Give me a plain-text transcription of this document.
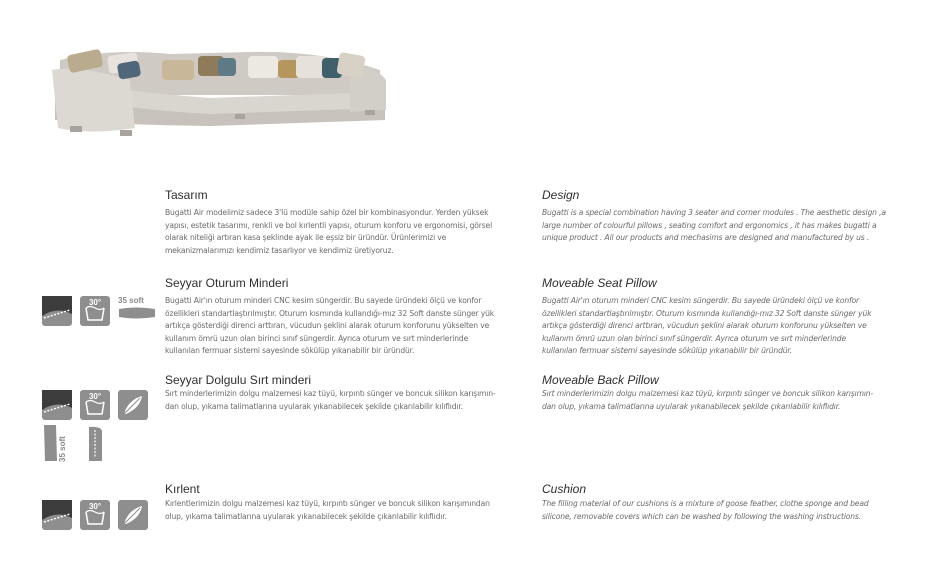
Tasarım
Bugatti Air modelimiz sadece 3'lü modüle sahip özel bir kombinasyondur. Yerden yüksek
yapısı, estetik tasarımı, renkli ve bol kırlentli yapısı, oturum konforu ve ergonomisi, görsel
olarak niteliği artıran kasa şeklinde ayak ile eşsiz bir üründür. Ürünlerimizi ve
mekanizmalarımızı kendimiz tasarlıyor ve kendimiz üretiyoruz.
Design
Bugatti is a special combination having 3 seater and corner modules . The aesthetic design ,a
large number of colourful pillows , seating comfort and ergonomics , it has makes bugatti a
unique product . All our products and mechasims are designed and manufactured by us .
Seyyar Oturum Minderi
Bugatti Air'ın oturum minderi CNC kesim süngerdir. Bu sayede üründeki ölçü ve konfor
özellikleri standartlaştırılmıştır. Oturum kısmında kullandığı-mız 32 Soft danste sünger yük
artıkça gösterdiği direnci arttıran, vücudun şeklini alarak oturum konforunu yükselten ve
kullanım ömrü uzun olan birinci sınıf süngerdir. Ayrıca oturum ve sırt minderlerinde
kullanılan fermuar sistemi sayesinde sökülüp yıkanabilir bir üründür.
Moveable Seat Pillow
Bugatti Air'ın oturum minderi CNC kesim süngerdir. Bu sayede üründeki ölçü ve konfor
özellikleri standartlaştırılmıştır. Oturum kısmında kullandığı-mız 32 Soft danste sünger yük
artıkça gösterdiği direnci arttıran, vücudun şeklini alarak oturum konforunu yükselten ve
kullanım ömrü uzun olan birinci sınıf süngerdir. Ayrıca oturum ve sırt minderlerinde
kullanılan fermuar sistemi sayesinde sökülüp yıkanabilir bir üründür.
Seyyar Dolgulu Sırt minderi
Sırt minderlerimizin dolgu malzemesi kaz tüyü, kırpıntı sünger ve boncuk silikon karışımın-
dan olup, yıkama talimatlarına uyularak yıkanabilecek şekilde çıkarılabilir kılıflıdır.
Moveable Back Pillow
Sırt minderlerimizin dolgu malzemesi kaz tüyü, kırpıntı sünger ve boncuk silikon karışımın-
dan olup, yıkama talimatlarına uyularak yıkanabilecek şekilde çıkarılabilir kılıflıdır.
Kırlent
Kırlentlerimizin dolgu malzemesi kaz tüyü, kırpıntı sünger ve boncuk silikon karışımından
olup, yıkama talimatlarına uyularak yıkanabilecek şekilde çıkarılabilir kılıflıdır.
Cushion
The filling material of our cushions is a mixture of goose feather, clothe sponge and bead
silicone, removable covers which can be washed by following the washing instructions.
30° 35 soft
30°
35 soft
30°
